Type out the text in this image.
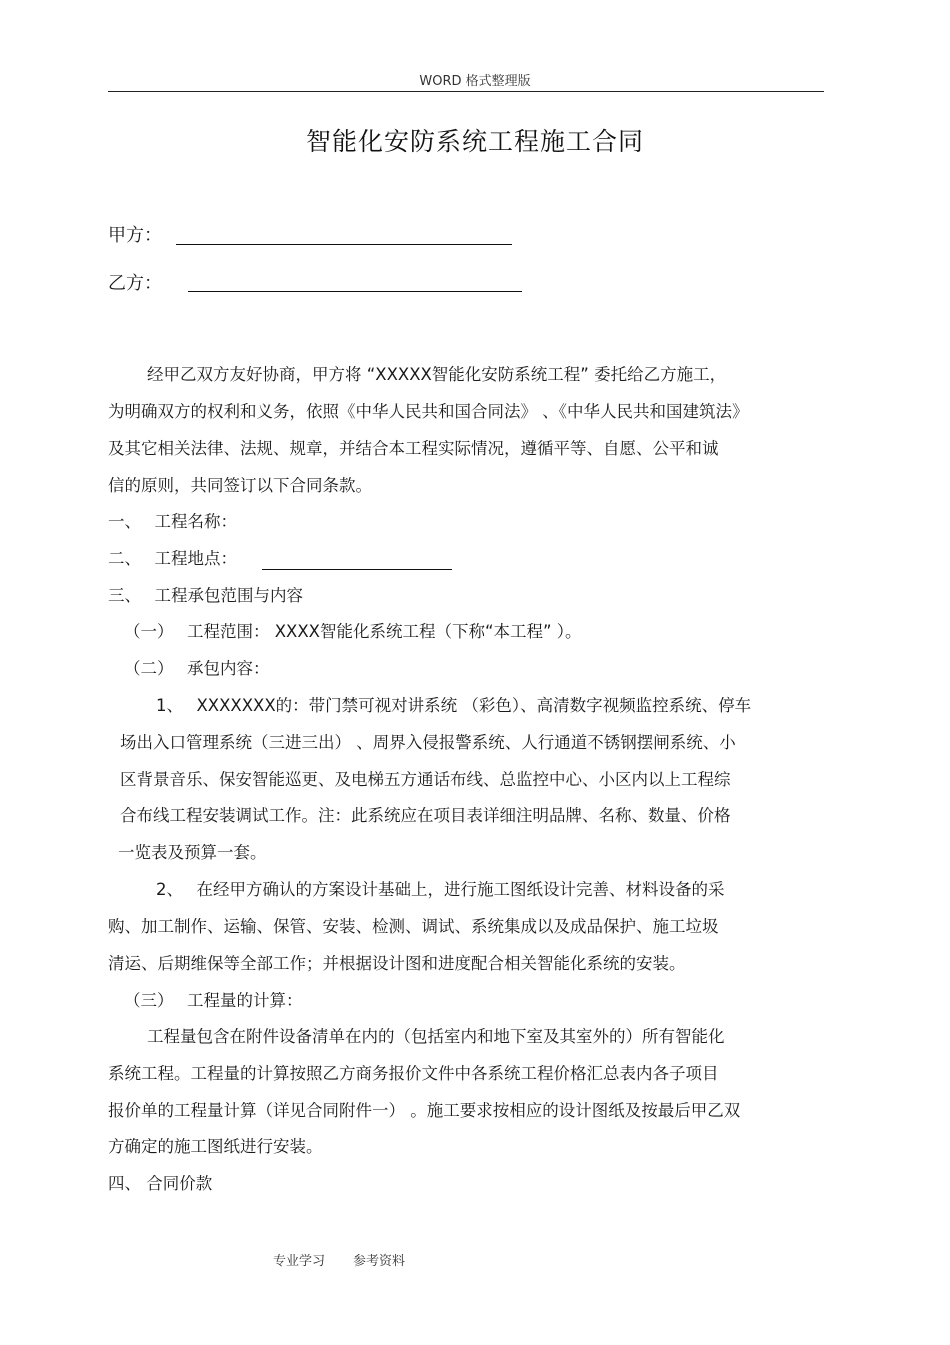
WORD 格式整理版
智能化安防系统工程施工合同
甲方：
乙方：
经甲乙双方友好协商，甲方将 “XXXXX智能化安防系统工程” 委托给乙方施工，
为明确双方的权利和义务，依照《中华人民共和国合同法》 、《中华人民共和国建筑法》
及其它相关法律、法规、规章，并结合本工程实际情况，遵循平等、自愿、公平和诚
信的原则，共同签订以下合同条款。
一、　 工程名称：
二、　 工程地点：
三、　 工程承包范围与内容
（一）　 工程范围： XXXX智能化系统工程（下称“本工程” ）。
（二）　 承包内容：
1、　 XXXXXXX的：带门禁可视对讲系统 （彩色）、高清数字视频监控系统、停车
场出入口管理系统（三进三出） 、周界入侵报警系统、人行通道不锈钢摆闸系统、小
区背景音乐、保安智能巡更、及电梯五方通话布线、总监控中心、小区内以上工程综
合布线工程安装调试工作。注：此系统应在项目表详细注明品牌、名称、数量、价格
一览表及预算一套。
2、　 在经甲方确认的方案设计基础上，进行施工图纸设计完善、材料设备的采
购、加工制作、运输、保管、安装、检测、调试、系统集成以及成品保护、施工垃圾
清运、后期维保等全部工作；并根据设计图和进度配合相关智能化系统的安装。
（三）　 工程量的计算：
工程量包含在附件设备清单在内的（包括室内和地下室及其室外的）所有智能化
系统工程。工程量的计算按照乙方商务报价文件中各系统工程价格汇总表内各子项目
报价单的工程量计算（详见合同附件一） 。施工要求按相应的设计图纸及按最后甲乙双
方确定的施工图纸进行安装。
四、 合同价款
专业学习 参考资料
